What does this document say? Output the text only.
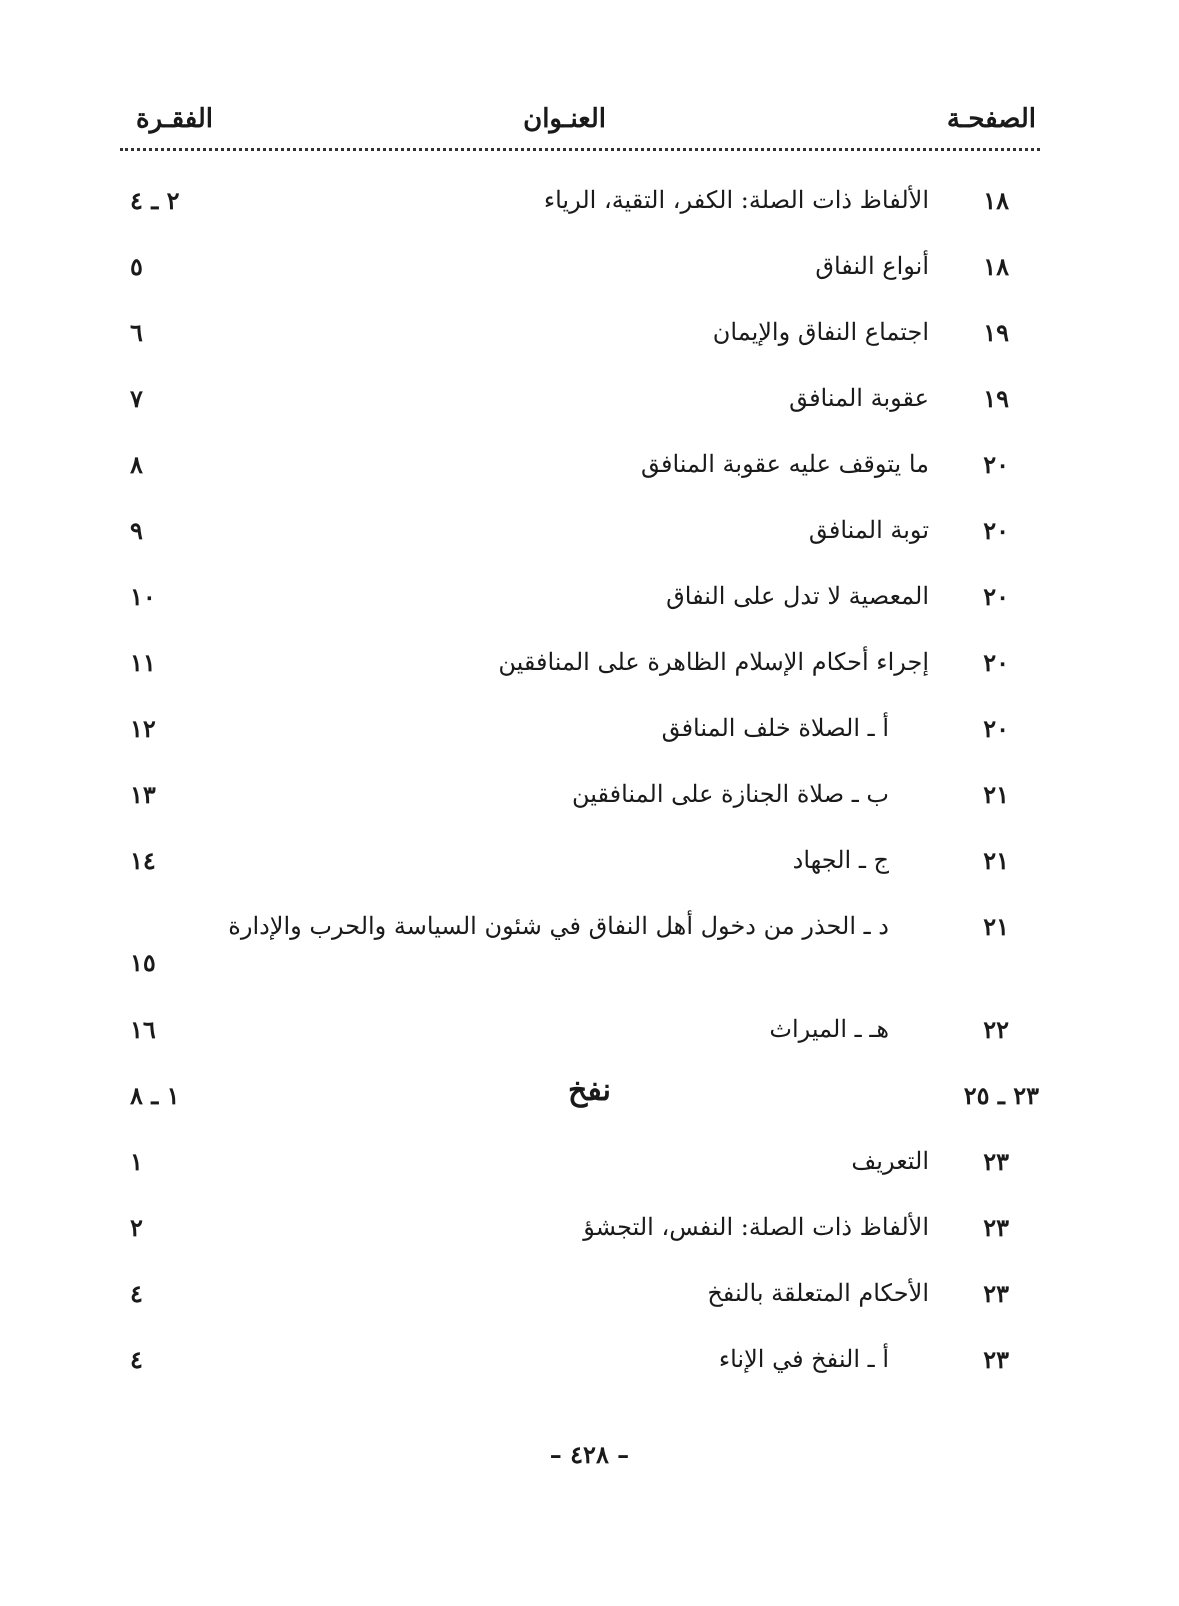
الصفحـة
العنـوان
الفقـرة
١٨
الألفاظ ذات الصلة: الكفر، التقية، الرياء
٢ ـ ٤
١٨
أنواع النفاق
٥
١٩
اجتماع النفاق والإيمان
٦
١٩
عقوبة المنافق
٧
٢٠
ما يتوقف عليه عقوبة المنافق
٨
٢٠
توبة المنافق
٩
٢٠
المعصية لا تدل على النفاق
١٠
٢٠
إجراء أحكام الإسلام الظاهرة على المنافقين
١١
٢٠
أ ـ الصلاة خلف المنافق
١٢
٢١
ب ـ صلاة الجنازة على المنافقين
١٣
٢١
ج ـ الجهاد
١٤
٢١
د ـ الحذر من دخول أهل النفاق في شئون السياسة والحرب والإدارة
١٥
٢٢
هـ ـ الميراث
١٦
٢٣ ـ ٢٥
نفخ
١ ـ ٨
٢٣
التعريف
١
٢٣
الألفاظ ذات الصلة: النفس، التجشؤ
٢
٢٣
الأحكام المتعلقة بالنفخ
٤
٢٣
أ ـ النفخ في الإناء
٤
– ٤٢٨ –
